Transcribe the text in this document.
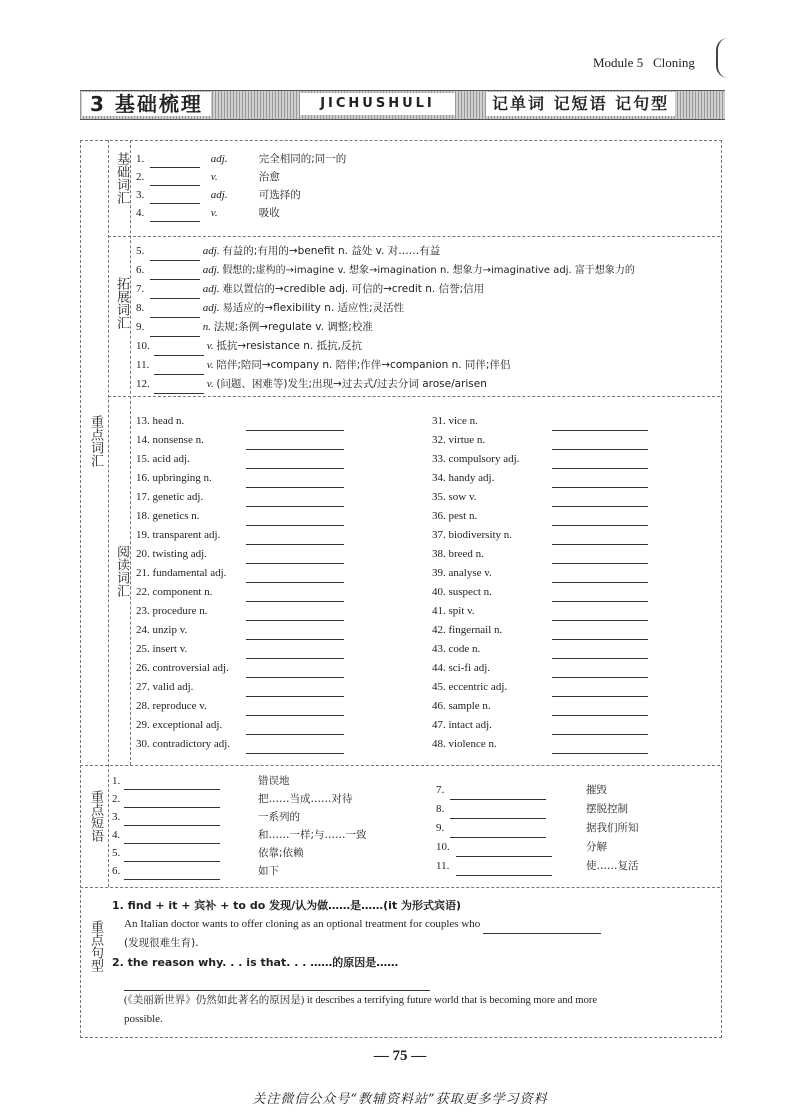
Module 5 Cloning
3 基础梳理	JICHUSHULI	记单词 记短语 记句型
重点词汇
基础词汇
拓展词汇
阅读词汇
重点短语
重点句型
1.	adj.	完全相同的;同一的
2.	v.	治愈
3.	adj.	可选择的
4.	v.	吸收
5.	adj. 有益的;有用的→benefit n. 益处 v. 对……有益
6.	adj. 假想的;虚构的→imagine v. 想象→imagination n. 想象力→imaginative adj. 富于想象力的
7.	adj. 难以置信的→credible adj. 可信的→credit n. 信誉;信用
8.	adj. 易适应的→flexibility n. 适应性;灵活性
9.	n. 法规;条例→regulate v. 调整;校准
10.	v. 抵抗→resistance n. 抵抗,反抗
11.	v. 陪伴;陪同→company n. 陪伴;作伴→companion n. 同伴;伴侣
12.	v. (问题、困难等)发生;出现→过去式/过去分词 arose/arisen
13. head n.
14. nonsense n.
15. acid adj.
16. upbringing n.
17. genetic adj.
18. genetics n.
19. transparent adj.
20. twisting adj.
21. fundamental adj.
22. component n.
23. procedure n.
24. unzip v.
25. insert v.
26. controversial adj.
27. valid adj.
28. reproduce v.
29. exceptional adj.
30. contradictory adj.
31. vice n.
32. virtue n.
33. compulsory adj.
34. handy adj.
35. sow v.
36. pest n.
37. biodiversity n.
38. breed n.
39. analyse v.
40. suspect n.
41. spit v.
42. fingernail n.
43. code n.
44. sci-fi adj.
45. eccentric adj.
46. sample n.
47. intact adj.
48. violence n.
1.	错误地
2.	把……当成……对待
3.	一系列的
4.	和……一样;与……一致
5.	依靠;依赖
6.	如下
7.	摧毁
8.	摆脱控制
9.	据我们所知
10.	分解
11.	使……复活
1. find + it + 宾补 + to do 发现/认为做……是……(it 为形式宾语)
An Italian doctor wants to offer cloning as an optional treatment for couples who
(发现很难生育).
2. the reason why. . . is that. . . ……的原因是……
(《美丽新世界》仍然如此著名的原因是) it describes a terrifying future world that is becoming more and more
possible.
— 75 —
关注微信公众号“教辅资料站”获取更多学习资料
